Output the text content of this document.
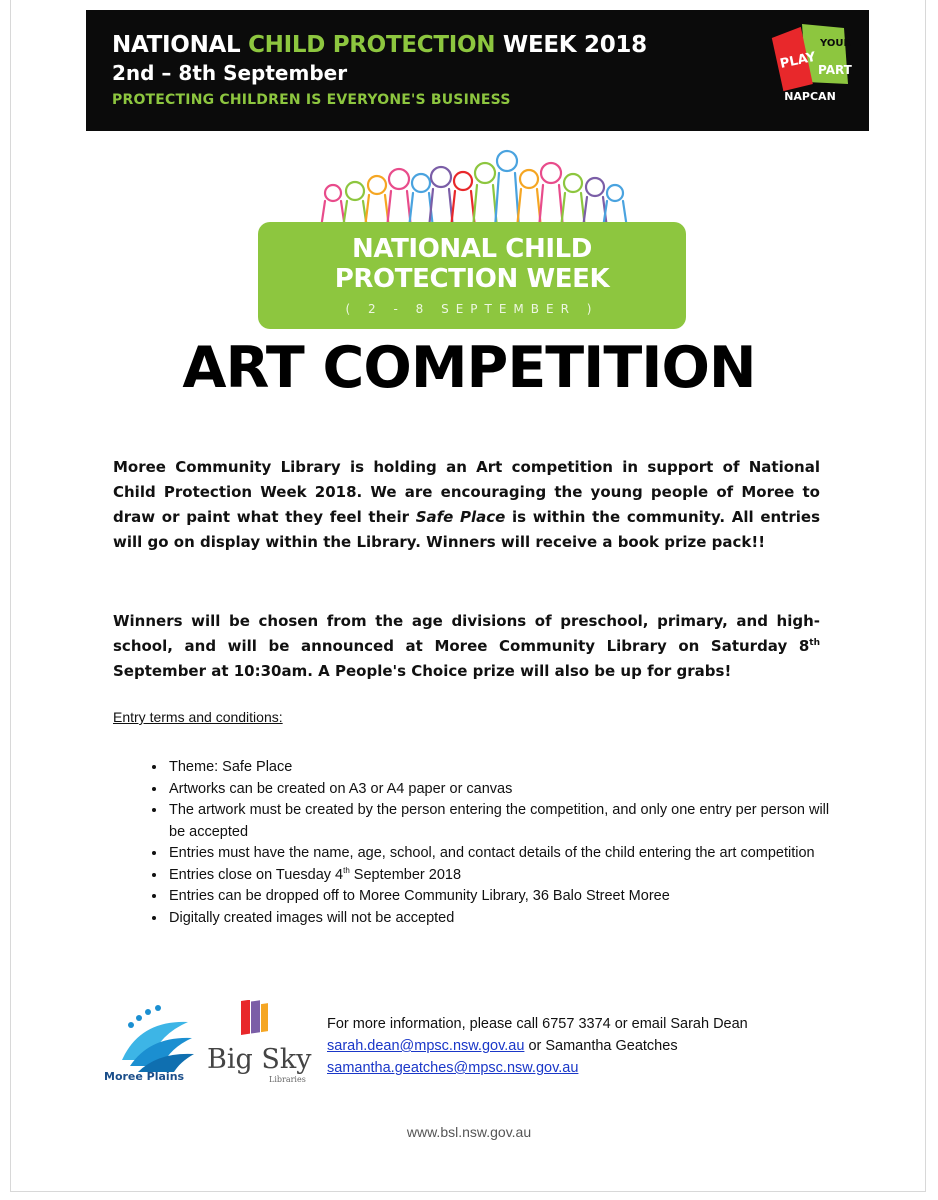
NATIONAL CHILD PROTECTION WEEK 2018
2nd – 8th September
PROTECTING CHILDREN IS EVERYONE'S BUSINESS
PLAY
YOUR
PART
NAPCAN
NATIONAL CHILD
PROTECTION WEEK
( 2 - 8 SEPTEMBER )
ART COMPETITION

Moree Community Library is holding an Art competition in support of National Child Protection Week 2018. We are encouraging the young people of Moree to draw or paint what they feel their Safe Place is within the community. All entries will go on display within the Library. Winners will receive a book prize pack!!

Winners will be chosen from the age divisions of preschool, primary, and high-school, and will be announced at Moree Community Library on Saturday 8th September at 10:30am. A People's Choice prize will also be up for grabs!

Entry terms and conditions:
• Theme: Safe Place
• Artworks can be created on A3 or A4 paper or canvas
• The artwork must be created by the person entering the competition, and only one entry per person will be accepted
• Entries must have the name, age, school, and contact details of the child entering the art competition
• Entries close on Tuesday 4th September 2018
• Entries can be dropped off to Moree Community Library, 36 Balo Street Moree
• Digitally created images will not be accepted
Moree Plains
Big Sky
Libraries
For more information, please call 6757 3374 or email Sarah Dean
sarah.dean@mpsc.nsw.gov.au or Samantha Geatches
samantha.geatches@mpsc.nsw.gov.au
www.bsl.nsw.gov.au
